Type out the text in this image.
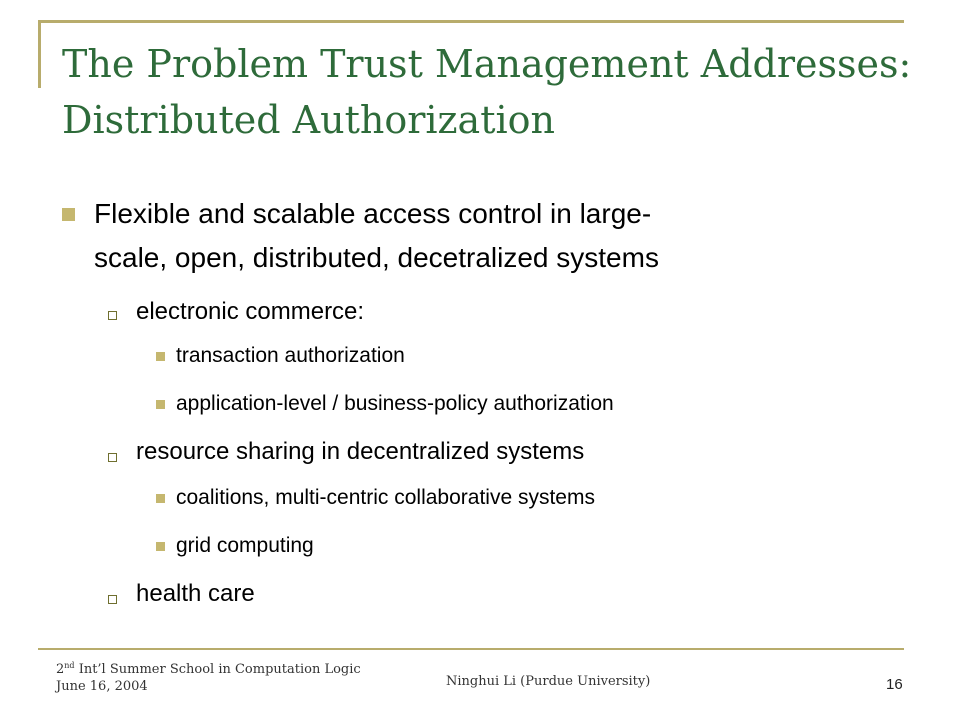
The Problem Trust Management Addresses:
Distributed Authorization
Flexible and scalable access control in large-
scale, open, distributed, decetralized systems
electronic commerce:
transaction authorization
application-level / business-policy authorization
resource sharing in decentralized systems
coalitions, multi-centric collaborative systems
grid computing
health care
2nd Int’l Summer School in Computation Logic
June 16, 2004	Ninghui Li (Purdue University)	16
